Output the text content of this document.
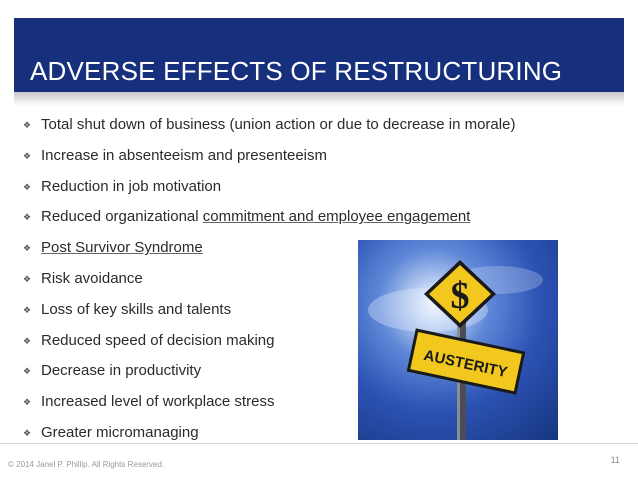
ADVERSE EFFECTS OF RESTRUCTURING
❖ Total shut down of business (union action or due to decrease in morale)
❖ Increase in absenteeism and presenteeism
❖ Reduction in job motivation
❖ Reduced organizational commitment and employee engagement
❖ Post Survivor Syndrome
❖ Risk avoidance
❖ Loss of key skills and talents
❖ Reduced speed of decision making
❖ Decrease in productivity
❖ Increased level of workplace stress
❖ Greater micromanaging
$
AUSTERITY
© 2014 Janel P. Phillip. All Rights Reserved.	11
